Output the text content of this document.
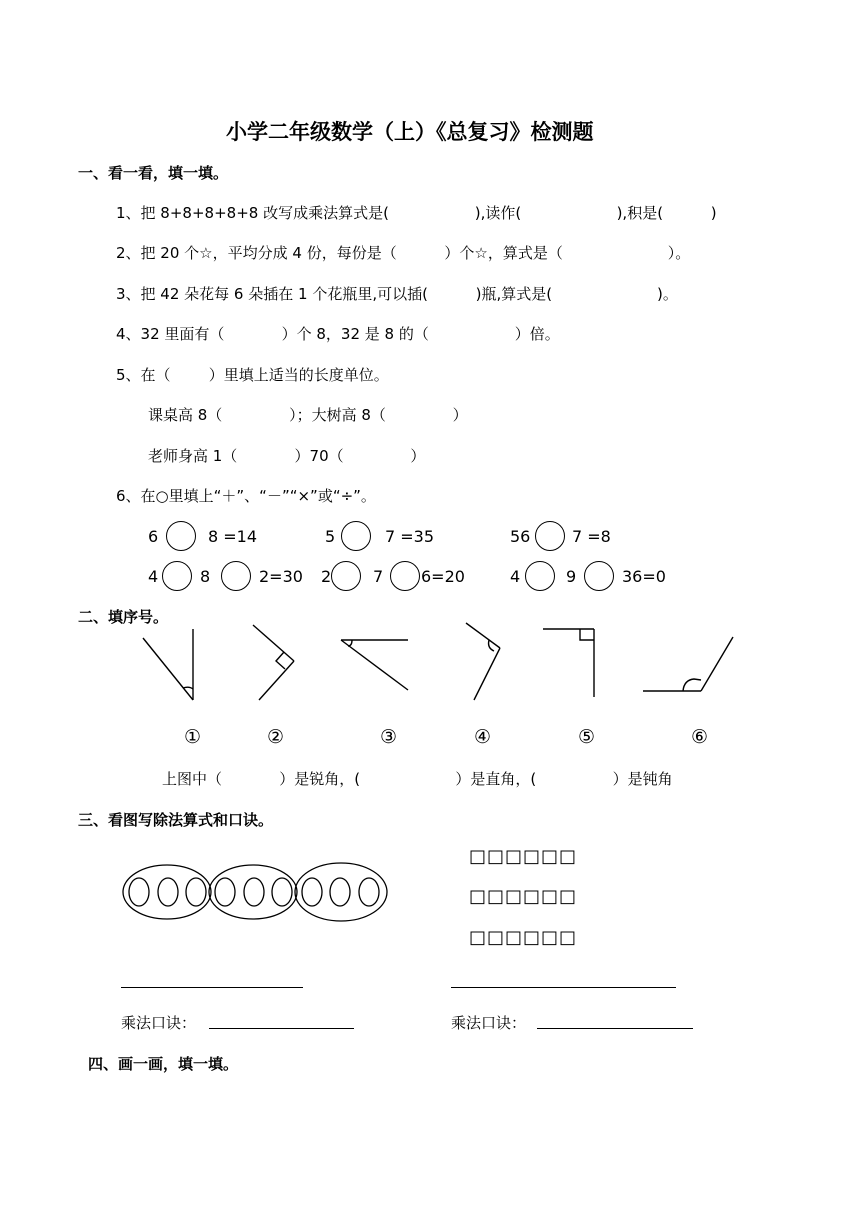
小学二年级数学（上）《总复习》检测题
一、看一看，填一填。
1、把 8+8+8+8+8 改写成乘法算式是(                  ),读作(                    ),积是(          )
2、把 20 个☆，平均分成 4 份，每份是（          ）个☆，算式是（                      ）。
3、把 42 朵花每 6 朵插在 1 个花瓶里,可以插(          )瓶,算式是(                      )。
4、32 里面有（            ）个 8，32 是 8 的（                  ）倍。
5、在（        ）里填上适当的长度单位。
课桌高 8（              ）；大树高 8（              ）
老师身高 1（            ）70（              ）
6、在○里填上“＋”、“－”“×”或“÷”。
6	8 =14	5	7 =35	56	7 =8
4	8	2=30 2	7 6=20	4	9	36=0
二、填序号。
①	②	③	④	⑤	⑥
上图中（            ）是锐角，(                    ）是直角，(                ）是钝角
三、看图写除法算式和口诀。
□□□□□□
□□□□□□
□□□□□□
乘法口诀：	乘法口诀：
四、画一画，填一填。
